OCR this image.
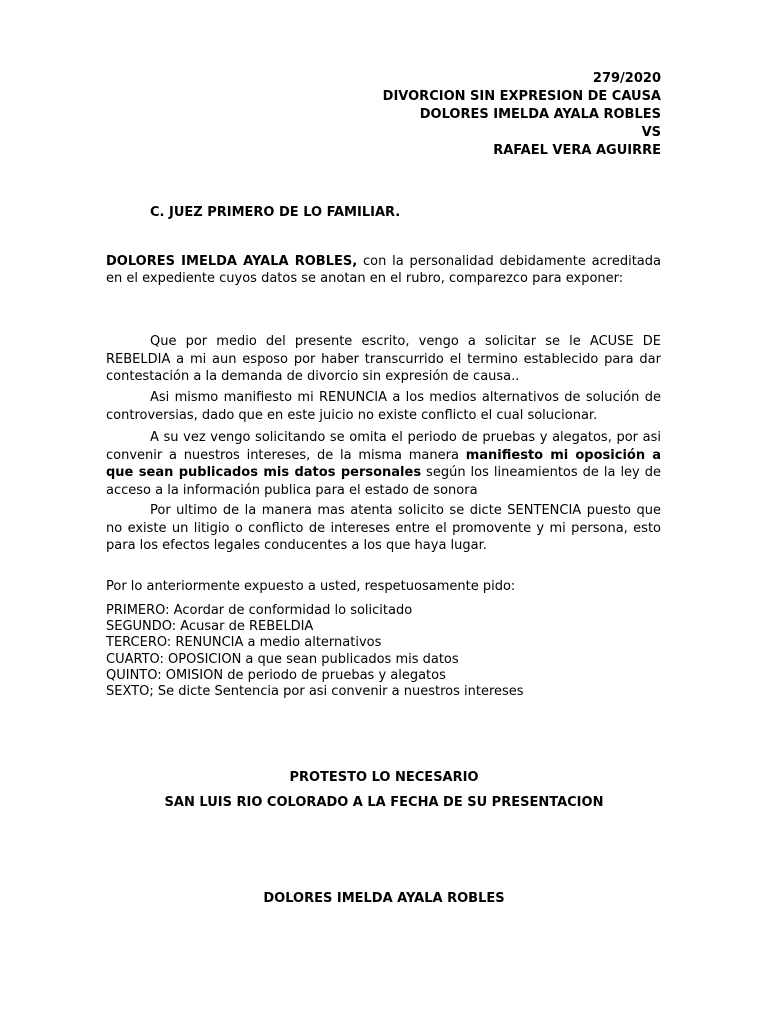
279/2020
DIVORCION SIN EXPRESION DE CAUSA
DOLORES IMELDA AYALA ROBLES
VS
RAFAEL VERA AGUIRRE
C. JUEZ PRIMERO DE LO FAMILIAR.
DOLORES IMELDA AYALA ROBLES, con la personalidad debidamente acreditada en el expediente cuyos datos se anotan en el rubro, comparezco para exponer:
Que por medio del presente escrito, vengo a solicitar se le ACUSE DE REBELDIA a mi aun esposo por haber transcurrido el termino establecido para dar contestación a la demanda de divorcio sin expresión de causa..
Asi mismo manifiesto mi RENUNCIA a los medios alternativos de solución de controversias, dado que en este juicio no existe conflicto el cual solucionar.
A su vez vengo solicitando se omita el periodo de pruebas y alegatos, por asi convenir a nuestros intereses, de la misma manera manifiesto mi oposición a que sean publicados mis datos personales según los lineamientos de la ley de acceso a la información publica para el estado de sonora
Por ultimo de la manera mas atenta solicito se dicte SENTENCIA puesto que no existe un litigio o conflicto de intereses entre el promovente y mi persona, esto para los efectos legales conducentes a los que haya lugar.
Por lo anteriormente expuesto a usted, respetuosamente pido:
PRIMERO: Acordar de conformidad lo solicitado
SEGUNDO: Acusar de REBELDIA
TERCERO: RENUNCIA a medio alternativos
CUARTO: OPOSICION a que sean publicados mis datos
QUINTO: OMISION de periodo de pruebas y alegatos
SEXTO; Se dicte Sentencia por asi convenir a nuestros intereses
PROTESTO LO NECESARIO
SAN LUIS RIO COLORADO A LA FECHA DE SU PRESENTACION
DOLORES IMELDA AYALA ROBLES
